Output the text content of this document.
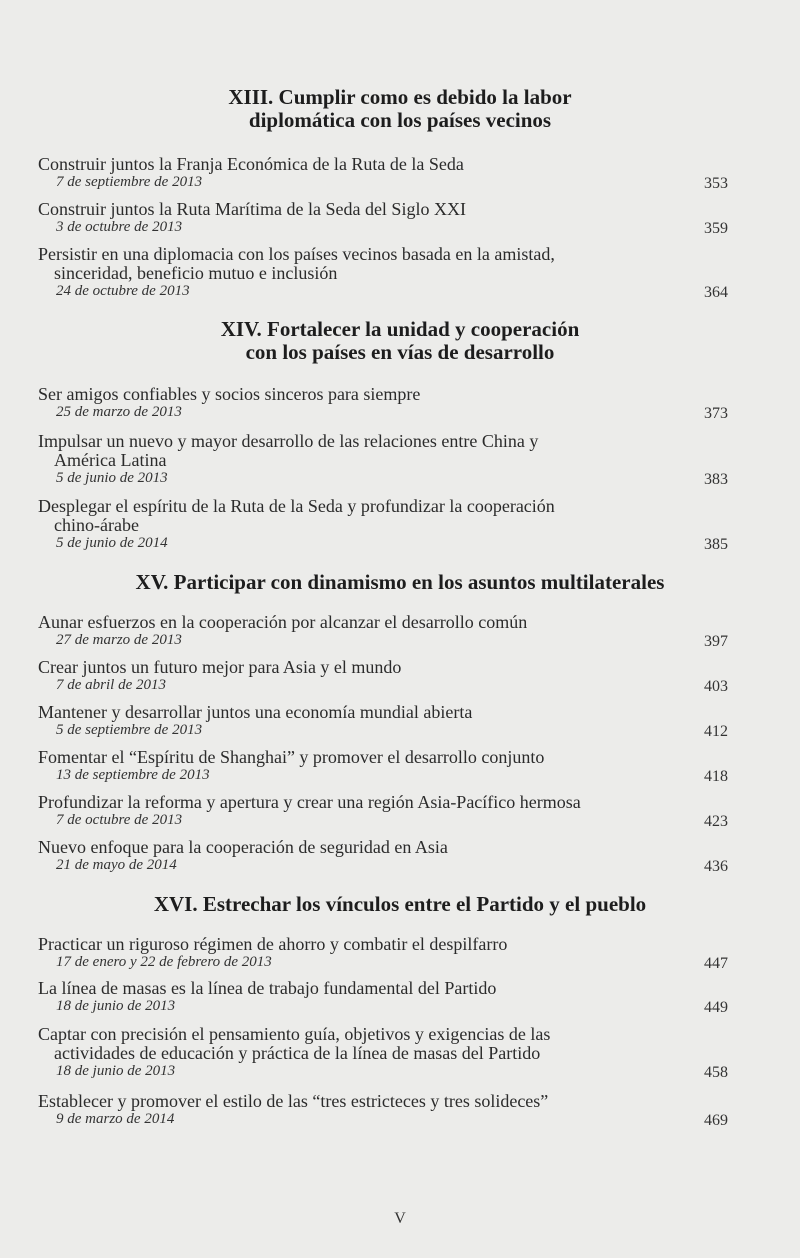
XIII. Cumplir como es debido la labor
diplomática con los países vecinos
Construir juntos la Franja Económica de la Ruta de la Seda
7 de septiembre de 2013	353
Construir juntos la Ruta Marítima de la Seda del Siglo XXI
3 de octubre de 2013	359
Persistir en una diplomacia con los países vecinos basada en la amistad,
sinceridad, beneficio mutuo e inclusión
24 de octubre de 2013	364
XIV. Fortalecer la unidad y cooperación
con los países en vías de desarrollo
Ser amigos confiables y socios sinceros para siempre
25 de marzo de 2013	373
Impulsar un nuevo y mayor desarrollo de las relaciones entre China y
América Latina
5 de junio de 2013	383
Desplegar el espíritu de la Ruta de la Seda y profundizar la cooperación
chino-árabe
5 de junio de 2014	385
XV. Participar con dinamismo en los asuntos multilaterales
Aunar esfuerzos en la cooperación por alcanzar el desarrollo común
27 de marzo de 2013	397
Crear juntos un futuro mejor para Asia y el mundo
7 de abril de 2013	403
Mantener y desarrollar juntos una economía mundial abierta
5 de septiembre de 2013	412
Fomentar el “Espíritu de Shanghai” y promover el desarrollo conjunto
13 de septiembre de 2013	418
Profundizar la reforma y apertura y crear una región Asia-Pacífico hermosa
7 de octubre de 2013	423
Nuevo enfoque para la cooperación de seguridad en Asia
21 de mayo de 2014	436
XVI. Estrechar los vínculos entre el Partido y el pueblo
Practicar un riguroso régimen de ahorro y combatir el despilfarro
17 de enero y 22 de febrero de 2013	447
La línea de masas es la línea de trabajo fundamental del Partido
18 de junio de 2013	449
Captar con precisión el pensamiento guía, objetivos y exigencias de las
actividades de educación y práctica de la línea de masas del Partido
18 de junio de 2013	458
Establecer y promover el estilo de las “tres estricteces y tres solideces”
9 de marzo de 2014	469
V
